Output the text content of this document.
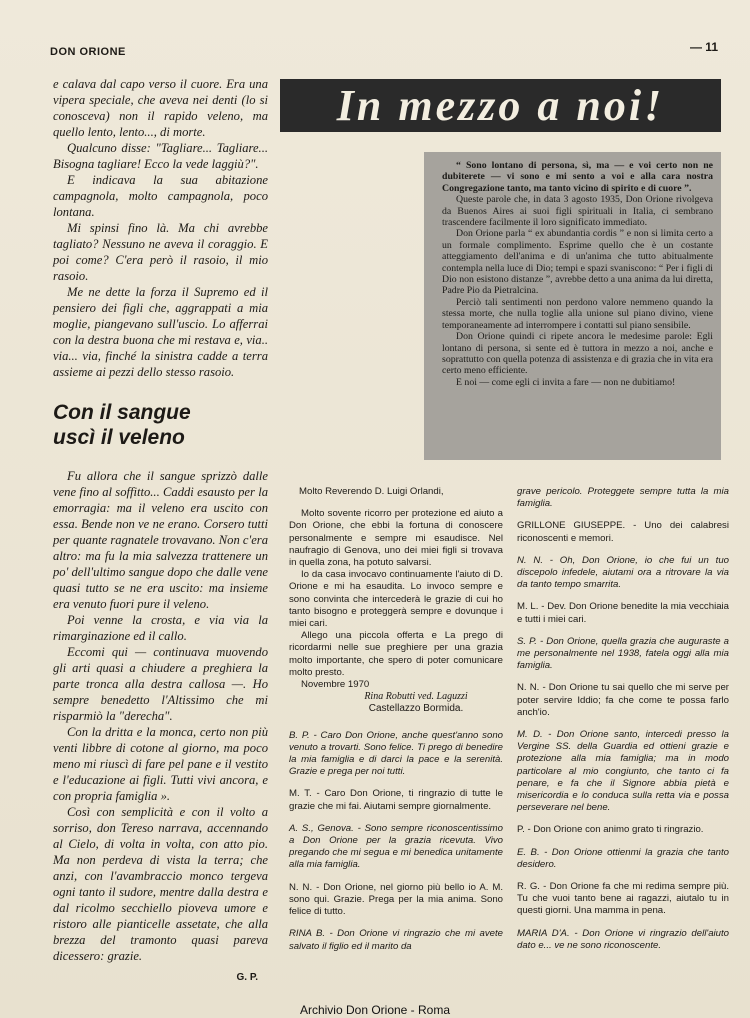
DON ORIONE	— 11

e calava dal capo verso il cuore. Era una vipera speciale, che aveva nei denti (lo si conosceva) non il rapido veleno, ma quello lento, lento..., di morte.

Qualcuno disse: "Tagliare... Tagliare... Bisogna tagliare! Ecco la vede laggiù?".

E indicava la sua abitazione campagnola, molto campagnola, poco lontana.

Mi spinsi fino là. Ma chi avrebbe tagliato? Nessuno ne aveva il coraggio. E poi come? C'era però il rasoio, il mio rasoio.

Me ne dette la forza il Supremo ed il pensiero dei figli che, aggrappati a mia moglie, piangevano sull'uscio. Lo afferrai con la destra buona che mi restava e, via.. via... via, finché la sinistra cadde a terra assieme ai pezzi dello stesso rasoio.

Con il sangue
uscì il veleno

Fu allora che il sangue sprizzò dalle vene fino al soffitto... Caddi esausto per la emorragia: ma il veleno era uscito con essa. Bende non ve ne erano. Corsero tutti per quante ragnatele trovavano. Non c'era altro: ma fu la mia salvezza trattenere un po' dell'ultimo sangue dopo che dalle vene quasi tutto se ne era uscito: ma insieme era venuto fuori pure il veleno.

Poi venne la crosta, e via via la rimarginazione ed il callo.

Eccomi qui — continuava muovendo gli arti quasi a chiudere a preghiera la parte tronca alla destra callosa —. Ho sempre benedetto l'Altissimo che mi risparmiò la "derecha".

Con la dritta e la monca, certo non più venti libbre di cotone al giorno, ma poco meno mi riuscì di fare pel pane e il vestito e l'educazione ai figli. Tutti vivi ancora, e con propria famiglia ».

Così con semplicità e con il volto a sorriso, don Tereso narrava, accennando al Cielo, di volta in volta, con atto pio. Ma non perdeva di vista la terra; che anzi, con l'avambraccio monco tergeva ogni tanto il sudore, mentre dalla destra e dal ricolmo secchiello pioveva umore e ristoro alle pianticelle assetate, che alla brezza del tramonto quasi pareva dicessero: grazie.

G. P.
In mezzo a noi!

“ Sono lontano di persona, sì, ma — e voi certo non ne dubiterete — vi sono e mi sento a voi e alla cara nostra Congregazione tanto, ma tanto vicino di spirito e di cuore ”.

Queste parole che, in data 3 agosto 1935, Don Orione rivolgeva da Buenos Aires ai suoi figli spirituali in Italia, ci sembrano trascendere facilmente il loro significato immediato.

Don Orione parla “ ex abundantia cordis ” e non si limita certo a un formale complimento. Esprime quello che è un costante atteggiamento dell'anima e di un'anima che tutto abitualmente contempla nella luce di Dio; tempi e spazi svaniscono: “ Per i figli di Dio non esistono distanze ”, avrebbe detto a una anima da lui diretta, Padre Pio da Pietralcina.

Perciò tali sentimenti non perdono valore nemmeno quando la stessa morte, che nulla toglie alla unione sul piano divino, viene temporaneamente ad interrompere i contatti sul piano sensibile.

Don Orione quindi ci ripete ancora le medesime parole: Egli lontano di persona, si sente ed è tuttora in mezzo a noi, anche e soprattutto con quella potenza di assistenza e di grazia che in vita era certo meno efficiente.

E noi — come egli ci invita a fare — non ne dubitiamo!

Molto Reverendo D. Luigi Orlandi,

Molto sovente ricorro per protezione ed aiuto a Don Orione, che ebbi la fortuna di conoscere personalmente e sempre mi esaudisce. Nel naufragio di Genova, uno dei miei figli si trovava in quella zona, ha potuto salvarsi.

Io da casa invocavo continuamente l'aiuto di D. Orione e mi ha esaudita. Lo invoco sempre e sono convinta che intercederà le grazie di cui ho tanto bisogno e proteggerà sempre e dovunque i miei cari.

Allego una piccola offerta e La prego di ricordarmi nelle sue preghiere per una grazia molto importante, che spero di poter comunicare molto presto.

Novembre 1970

Rina Robutti ved. Laguzzi

Castellazzo Bormida.

B. P. - Caro Don Orione, anche quest'anno sono venuto a trovarti. Sono felice. Ti prego di benedire la mia famiglia e di darci la pace e la serenità. Grazie e prega per noi tutti.

M. T. - Caro Don Orione, ti ringrazio di tutte le grazie che mi fai. Aiutami sempre giornalmente.

A. S., Genova. - Sono sempre riconoscentissimo a Don Orione per la grazia ricevuta. Vivo pregando che mi segua e mi benedica unitamente alla mia famiglia.

N. N. - Don Orione, nel giorno più bello io A. M. sono qui. Grazie. Prega per la mia anima. Sono felice di tutto.

RINA B. - Don Orione vi ringrazio che mi avete salvato il figlio ed il marito da

grave pericolo. Proteggete sempre tutta la mia famiglia.

GRILLONE GIUSEPPE. - Uno dei calabresi riconoscenti e memori.

N. N. - Oh, Don Orione, io che fui un tuo discepolo infedele, aiutami ora a ritrovare la via da tanto tempo smarrita.

M. L. - Dev. Don Orione benedite la mia vecchiaia e tutti i miei cari.

S. P. - Don Orione, quella grazia che auguraste a me personalmente nel 1938, fatela oggi alla mia famiglia.

N. N. - Don Orione tu sai quello che mi serve per poter servire Iddio; fa che come te possa farlo anch'io.

M. D. - Don Orione santo, intercedi presso la Vergine SS. della Guardia ed ottieni grazie e protezione alla mia famiglia; ma in modo particolare al mio congiunto, che tanto ci fa penare, e fa che il Signore abbia pietà e misericordia e lo conduca sulla retta via e possa perseverare nel bene.

P. - Don Orione con animo grato ti ringrazio.

E. B. - Don Orione ottienmi la grazia che tanto desidero.

R. G. - Don Orione fa che mi redima sempre più. Tu che vuoi tanto bene ai ragazzi, aiutalo tu in questi giorni. Una mamma in pena.

MARIA D'A. - Don Orione vi ringrazio dell'aiuto dato e... ve ne sono riconoscente.

Archivio Don Orione - Roma
